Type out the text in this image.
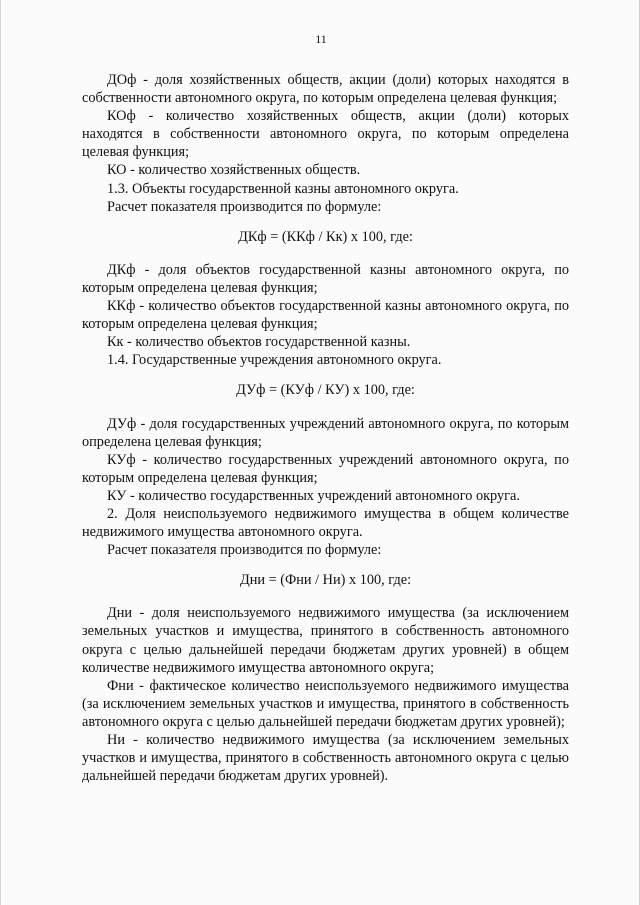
11

ДОф - доля хозяйственных обществ, акции (доли) которых находятся в собственности автономного округа, по которым определена целевая функция;

КОф - количество хозяйственных обществ, акции (доли) которых находятся в собственности автономного округа, по которым определена целевая функция;

КО - количество хозяйственных обществ.

1.3. Объекты государственной казны автономного округа.

Расчет показателя производится по формуле:

ДКф = (ККф / Кк) x 100, где:

ДКф - доля объектов государственной казны автономного округа, по которым определена целевая функция;

ККф - количество объектов государственной казны автономного округа, по которым определена целевая функция;

Кк - количество объектов государственной казны.

1.4. Государственные учреждения автономного округа.

ДУф = (КУф / КУ) x 100, где:

ДУф - доля государственных учреждений автономного округа, по которым определена целевая функция;

КУф - количество государственных учреждений автономного округа, по которым определена целевая функция;

КУ - количество государственных учреждений автономного округа.

2. Доля неиспользуемого недвижимого имущества в общем количестве недвижимого имущества автономного округа.

Расчет показателя производится по формуле:

Дни = (Фни / Ни) x 100, где:

Дни - доля неиспользуемого недвижимого имущества (за исключением земельных участков и имущества, принятого в собственность автономного округа с целью дальнейшей передачи бюджетам других уровней) в общем количестве недвижимого имущества автономного округа;

Фни - фактическое количество неиспользуемого недвижимого имущества (за исключением земельных участков и имущества, принятого в собственность автономного округа с целью дальнейшей передачи бюджетам других уровней);

Ни - количество недвижимого имущества (за исключением земельных участков и имущества, принятого в собственность автономного округа с целью дальнейшей передачи бюджетам других уровней).
